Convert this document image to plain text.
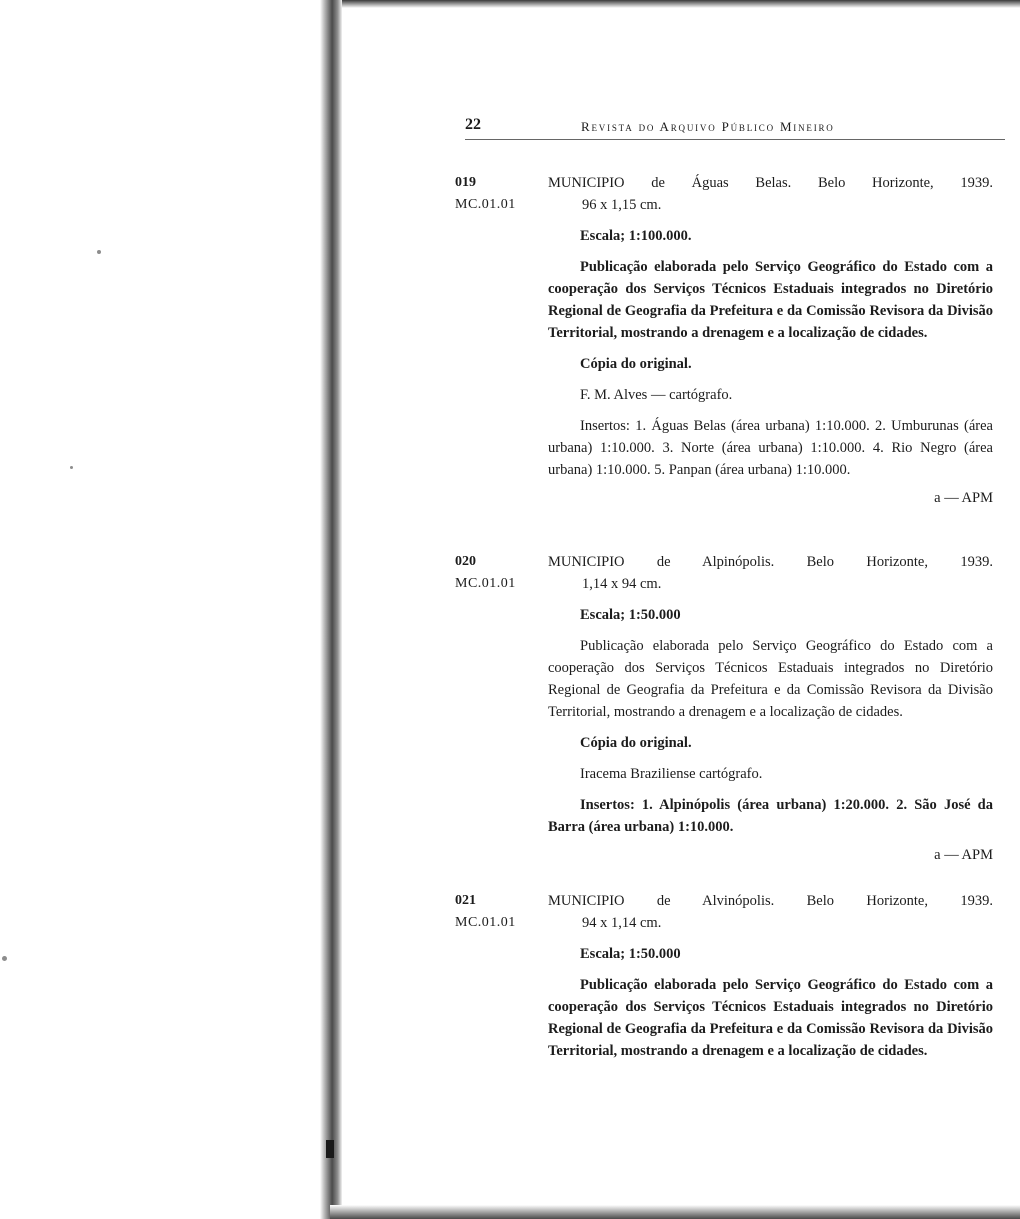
22	Revista do Arquivo Público Mineiro
019
MC.01.01
MUNICIPIO de Águas Belas. Belo Horizonte, 1939.
96 x 1,15 cm.
Escala; 1:100.000.
Publicação elaborada pelo Serviço Geográfico do Estado com a cooperação dos Serviços Técnicos Estaduais integrados no Diretório Regional de Geografia da Prefeitura e da Comissão Revisora da Divisão Territorial, mostrando a drenagem e a localização de cidades.
Cópia do original.
F. M. Alves — cartógrafo.
Insertos: 1. Águas Belas (área urbana) 1:10.000. 2. Umburunas (área urbana) 1:10.000. 3. Norte (área urbana) 1:10.000. 4. Rio Negro (área urbana) 1:10.000. 5. Panpan (área urbana) 1:10.000.
a — APM
020
MC.01.01
MUNICIPIO de Alpinópolis. Belo Horizonte, 1939.
1,14 x 94 cm.
Escala; 1:50.000
Publicação elaborada pelo Serviço Geográfico do Estado com a cooperação dos Serviços Técnicos Estaduais integrados no Diretório Regional de Geografia da Prefeitura e da Comissão Revisora da Divisão Territorial, mostrando a drenagem e a localização de cidades.
Cópia do original.
Iracema Braziliense cartógrafo.
Insertos: 1. Alpinópolis (área urbana) 1:20.000. 2. São José da Barra (área urbana) 1:10.000.
a — APM
021
MC.01.01
MUNICIPIO de Alvinópolis. Belo Horizonte, 1939.
94 x 1,14 cm.
Escala; 1:50.000
Publicação elaborada pelo Serviço Geográfico do Estado com a cooperação dos Serviços Técnicos Estaduais integrados no Diretório Regional de Geografia da Prefeitura e da Comissão Revisora da Divisão Territorial, mostrando a drenagem e a localização de cidades.
